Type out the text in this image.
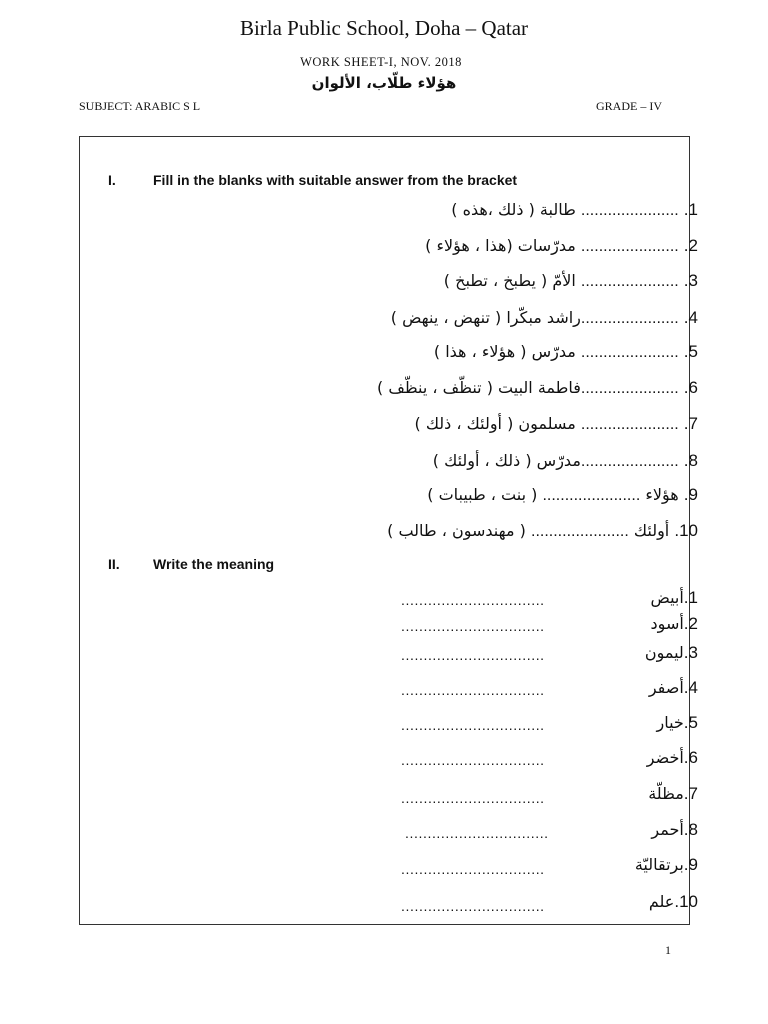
Birla Public School, Doha – Qatar
WORK SHEET-I, NOV. 2018
هؤلاء طلّاب، الألوان
SUBJECT: ARABIC S L	GRADE – IV
I.	Fill in the blanks with suitable answer from the bracket
1. ...................... طالبة ( ذلك ،هذه )
2. ...................... مدرّسات (هذا ، هؤلاء )
3. ...................... الأمّ ( يطبخ ، تطبخ )
4. ......................راشد مبكّرا ( تنهض ، ينهض )
5. ...................... مدرّس ( هؤلاء ، هذا )
6. ......................فاطمة البيت ( تنظّف ، ينظّف )
7. ...................... مسلمون ( أولئك ، ذلك )
8. ......................مدرّس ( ذلك ، أولئك )
9. هؤلاء ...................... ( بنت ، طبيبات )
10. أولئك ...................... ( مهندسون ، طالب )
II. Write the meaning
1.أبيض
................................
2.أسود
................................
3.ليمون
................................
4.أصفر
................................
5.خيار
................................
6.أخضر
................................
7.مظلّة
................................
8.أحمر
................................
9.برتقاليّة
................................
10.علم
................................
1
